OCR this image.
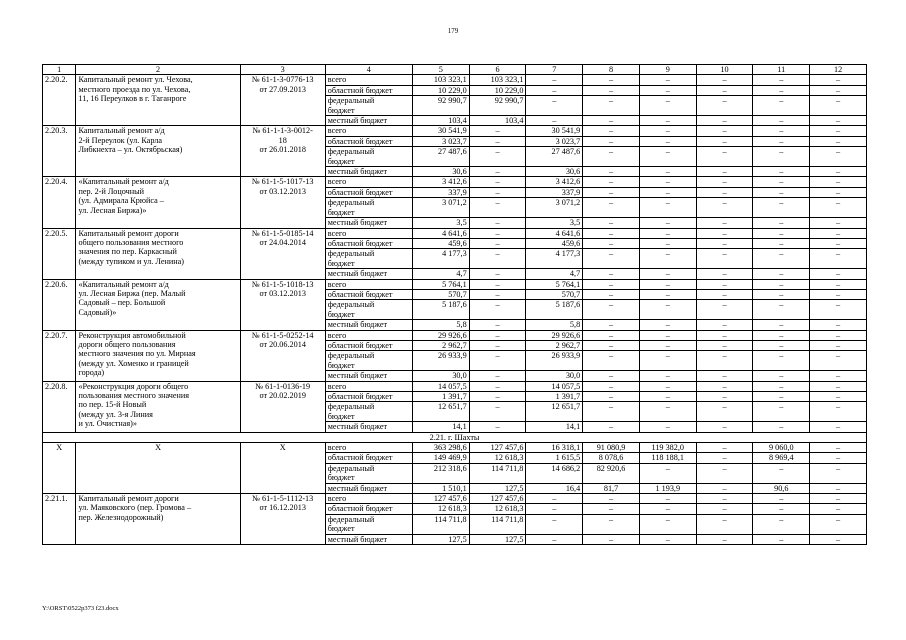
179
1	2	3	4	5	6	7	8	9	10	11	12
2.20.2.	Капитальный ремонт ул. Чехова,
местного проезда по ул. Чехова,
11, 16 Переулков в г. Таганроге	№ 61-1-3-0776-13
от 27.09.2013	всего	103 323,1	103 323,1	–	–	–	–	–	–
			областной бюджет	10 229,0	10 229,0	–	–	–	–	–	–
			федеральный
бюджет	92 990,7	92 990,7	–	–	–	–	–	–
			местный бюджет	103,4	103,4	–	–	–	–	–	–
2.20.3.	Капитальный ремонт а/д
2-й Переулок (ул. Карла
Либкнехта – ул. Октябрьская)	№ 61-1-1-3-0012-
18
от 26.01.2018	всего	30 541,9	–	30 541,9	–	–	–	–	–
			областной бюджет	3 023,7	–	3 023,7	–	–	–	–	–
			федеральный
бюджет	27 487,6	–	27 487,6	–	–	–	–	–
			местный бюджет	30,6	–	30,6	–	–	–	–	–
2.20.4.	«Капитальный ремонт а/д
пер. 2-й Лоцочный
(ул. Адмирала Крюйса –
ул. Лесная Биржа)»	№ 61-1-5-1017-13
от 03.12.2013	всего	3 412,6	–	3 412,6	–	–	–	–	–
			областной бюджет	337,9	–	337,9	–	–	–	–	–
			федеральный
бюджет	3 071,2	–	3 071,2	–	–	–	–	–
			местный бюджет	3,5	–	3,5	–	–	–	–	–
2.20.5.	Капитальный ремонт дороги
общего пользования местного
значения по пер. Каркасный
(между тупиком и ул. Ленина)	№ 61-1-5-0185-14
от 24.04.2014	всего	4 641,6	–	4 641,6	–	–	–	–	–
			областной бюджет	459,6	–	459,6	–	–	–	–	–
			федеральный
бюджет	4 177,3	–	4 177,3	–	–	–	–	–
			местный бюджет	4,7	–	4,7	–	–	–	–	–
2.20.6.	«Капитальный ремонт а/д
ул. Лесная Биржа (пер. Малый
Садовый – пер. Большой
Садовый)»	№ 61-1-5-1018-13
от 03.12.2013	всего	5 764,1	–	5 764,1	–	–	–	–	–
			областной бюджет	570,7	–	570,7	–	–	–	–	–
			федеральный
бюджет	5 187,6	–	5 187,6	–	–	–	–	–
			местный бюджет	5,8	–	5,8	–	–	–	–	–
2.20.7.	Реконструкция автомобильной
дороги общего пользования
местного значения по ул. Мирная
(между ул. Хоменко и границей
города)	№ 61-1-5-0252-14
от 20.06.2014	всего	29 926,6	–	29 926,6	–	–	–	–	–
			областной бюджет	2 962,7	–	2 962,7	–	–	–	–	–
			федеральный
бюджет	26 933,9	–	26 933,9	–	–	–	–	–
			местный бюджет	30,0	–	30,0	–	–	–	–	–
2.20.8.	«Реконструкция дороги общего
пользования местного значения
по пер. 15-й Новый
(между ул. 3-я Линия
и ул. Очистная)»	№ 61-1-0136-19
от 20.02.2019	всего	14 057,5	–	14 057,5	–	–	–	–	–
			областной бюджет	1 391,7	–	1 391,7	–	–	–	–	–
			федеральный
бюджет	12 651,7	–	12 651,7	–	–	–	–	–
			местный бюджет	14,1	–	14,1	–	–	–	–	–
2.21. г. Шахты											
Х	Х	Х	всего	363 298,6	127 457,6	16 318,1	91 080,9	119 382,0	–	9 060,0	–
			областной бюджет	149 469,9	12 618,3	1 615,5	8 078,6	118 188,1	–	8 969,4	–
			федеральный
бюджет	212 318,6	114 711,8	14 686,2	82 920,6	–	–	–	–
			местный бюджет	1 510,1	127,5	16,4	81,7	1 193,9	–	90,6	–
2.21.1.	Капитальный ремонт дороги
ул. Маяковского (пер. Громова –
пер. Железнодорожный)	№ 61-1-5-1112-13
от 16.12.2013	всего	127 457,6	127 457,6	–	–	–	–	–	–
			областной бюджет	12 618,3	12 618,3	–	–	–	–	–	–
			федеральный
бюджет	114 711,8	114 711,8	–	–	–	–	–	–
			местный бюджет	127,5	127,5	–	–	–	–	–	–
Y:\ORST\0522p373 f23.docx
